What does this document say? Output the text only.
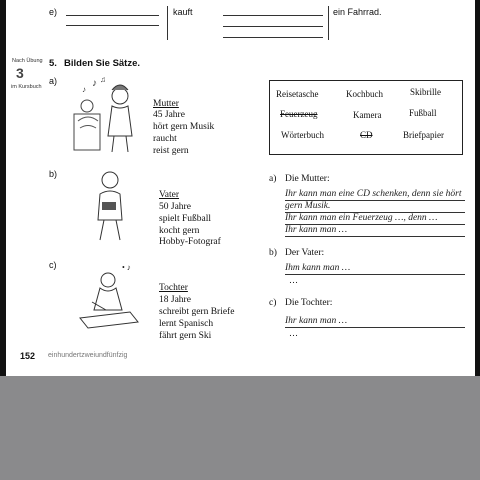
e)	kauft	ein Fahrrad.
Nach Übung
3
im Kursbuch
5. Bilden Sie Sätze.
a)	♪ ♫
♪
Mutter
45 Jahre
hört gern Musik
raucht
reist gern
Reisetasche	Kochbuch	Skibrille
Feuerzeug	Kamera	Fußball
Wörterbuch	CD	Briefpapier
b)
Vater
50 Jahre
spielt Fußball
kocht gern
Hobby-Fotograf
c)	• ♪
Tochter
18 Jahre
schreibt gern Briefe
lernt Spanisch
fährt gern Ski
a) Die Mutter:
Ihr kann man eine CD schenken, denn sie hört
gern Musik.
Ihr kann man ein Feuerzeug …, denn …
Ihr kann man …
b) Der Vater:
Ihm kann man …
…
c) Die Tochter:
Ihr kann man …
…
152 einhundertzweiundfünfzig
